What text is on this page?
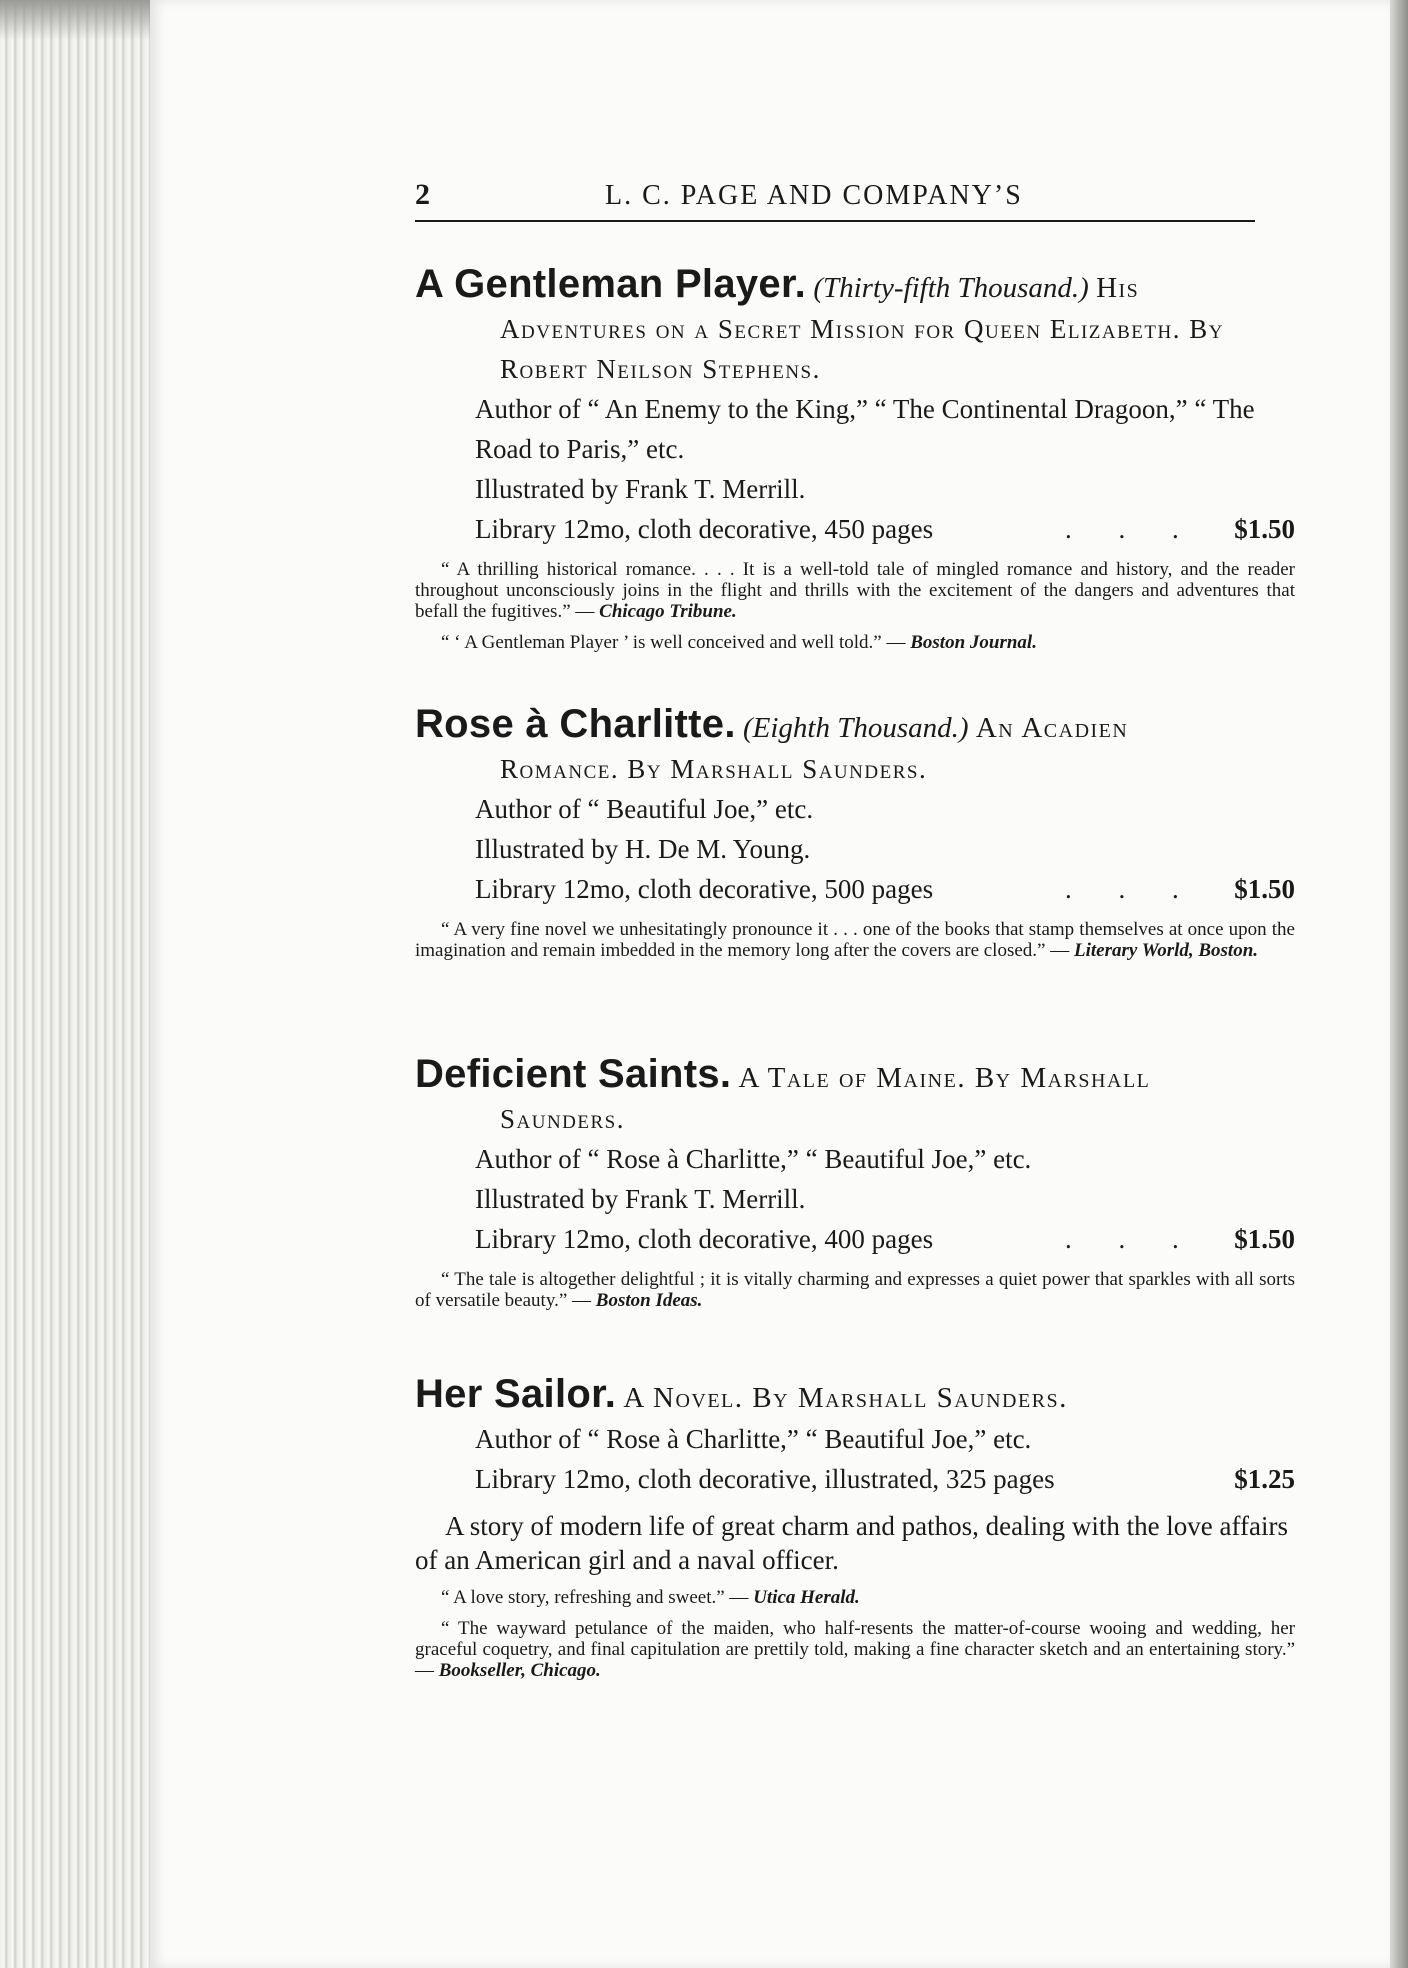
2	L. C. PAGE AND COMPANY’S
A Gentleman Player. (Thirty-fifth Thousand.) His
Adventures on a Secret Mission for Queen Elizabeth. By Robert Neilson Stephens.
Author of “ An Enemy to the King,” “ The Continental Dragoon,” “ The Road to Paris,” etc.
Illustrated by Frank T. Merrill.
Library 12mo, cloth decorative, 450 pages	. . .	$1.50
“ A thrilling historical romance. . . . It is a well-told tale of mingled romance and history, and the reader throughout unconsciously joins in the flight and thrills with the excitement of the dangers and adventures that befall the fugitives.” — Chicago Tribune.
“ ‘ A Gentleman Player ’ is well conceived and well told.” — Boston Journal.
Rose à Charlitte. (Eighth Thousand.) An Acadien
Romance. By Marshall Saunders.
Author of “ Beautiful Joe,” etc.
Illustrated by H. De M. Young.
Library 12mo, cloth decorative, 500 pages	. . .	$1.50
“ A very fine novel we unhesitatingly pronounce it . . . one of the books that stamp themselves at once upon the imagination and remain imbedded in the memory long after the covers are closed.” — Literary World, Boston.
Deficient Saints. A Tale of Maine. By Marshall
Saunders.
Author of “ Rose à Charlitte,” “ Beautiful Joe,” etc.
Illustrated by Frank T. Merrill.
Library 12mo, cloth decorative, 400 pages	. . .	$1.50
“ The tale is altogether delightful ; it is vitally charming and expresses a quiet power that sparkles with all sorts of versatile beauty.” — Boston Ideas.
Her Sailor. A Novel. By Marshall Saunders.
Author of “ Rose à Charlitte,” “ Beautiful Joe,” etc.
Library 12mo, cloth decorative, illustrated, 325 pages	$1.25
A story of modern life of great charm and pathos, dealing with the love affairs of an American girl and a naval officer.
“ A love story, refreshing and sweet.” — Utica Herald.
“ The wayward petulance of the maiden, who half-resents the matter-of-course wooing and wedding, her graceful coquetry, and final capitulation are prettily told, making a fine character sketch and an entertaining story.” — Bookseller, Chicago.
